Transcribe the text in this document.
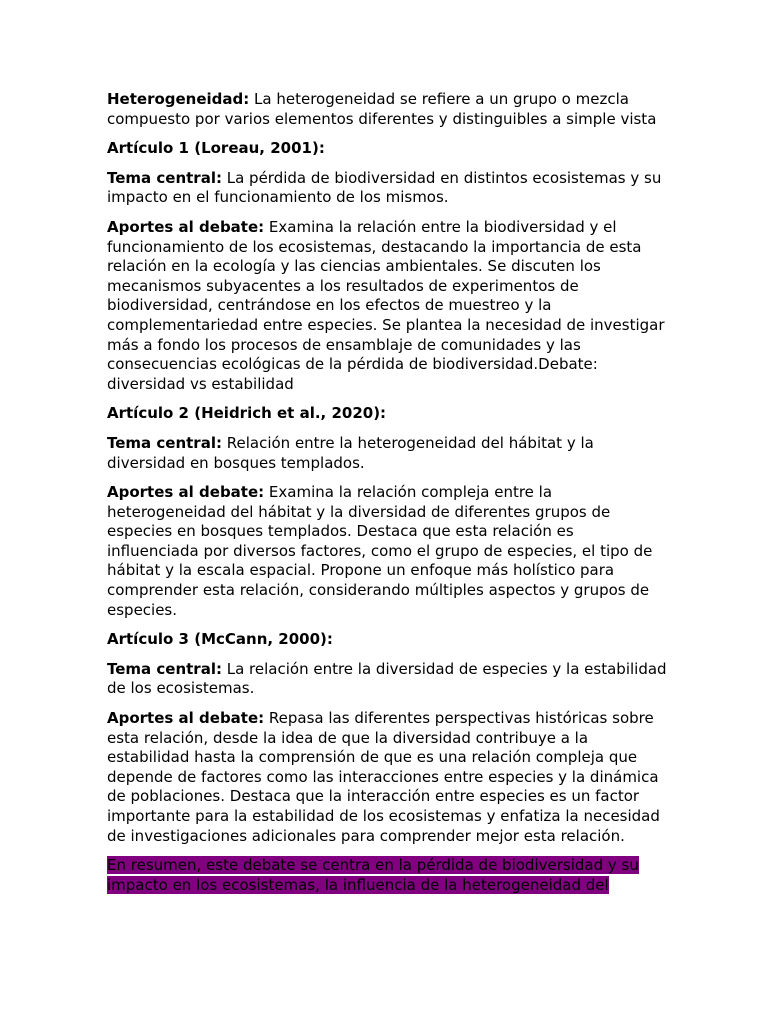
Heterogeneidad: La heterogeneidad se refiere a un grupo o mezcla compuesto por varios elementos diferentes y distinguibles a simple vista

Artículo 1 (Loreau, 2001):

Tema central: La pérdida de biodiversidad en distintos ecosistemas y su impacto en el funcionamiento de los mismos.

Aportes al debate: Examina la relación entre la biodiversidad y el funcionamiento de los ecosistemas, destacando la importancia de esta relación en la ecología y las ciencias ambientales. Se discuten los mecanismos subyacentes a los resultados de experimentos de biodiversidad, centrándose en los efectos de muestreo y la complementariedad entre especies. Se plantea la necesidad de investigar más a fondo los procesos de ensamblaje de comunidades y las consecuencias ecológicas de la pérdida de biodiversidad.Debate: diversidad vs estabilidad

Artículo 2 (Heidrich et al., 2020):

Tema central: Relación entre la heterogeneidad del hábitat y la diversidad en bosques templados.

Aportes al debate: Examina la relación compleja entre la heterogeneidad del hábitat y la diversidad de diferentes grupos de especies en bosques templados. Destaca que esta relación es influenciada por diversos factores, como el grupo de especies, el tipo de hábitat y la escala espacial. Propone un enfoque más holístico para comprender esta relación, considerando múltiples aspectos y grupos de especies.

Artículo 3 (McCann, 2000):

Tema central: La relación entre la diversidad de especies y la estabilidad de los ecosistemas.

Aportes al debate: Repasa las diferentes perspectivas históricas sobre esta relación, desde la idea de que la diversidad contribuye a la estabilidad hasta la comprensión de que es una relación compleja que depende de factores como las interacciones entre especies y la dinámica de poblaciones. Destaca que la interacción entre especies es un factor importante para la estabilidad de los ecosistemas y enfatiza la necesidad de investigaciones adicionales para comprender mejor esta relación.

En resumen, este debate se centra en la pérdida de biodiversidad y su
impacto en los ecosistemas, la influencia de la heterogeneidad del
